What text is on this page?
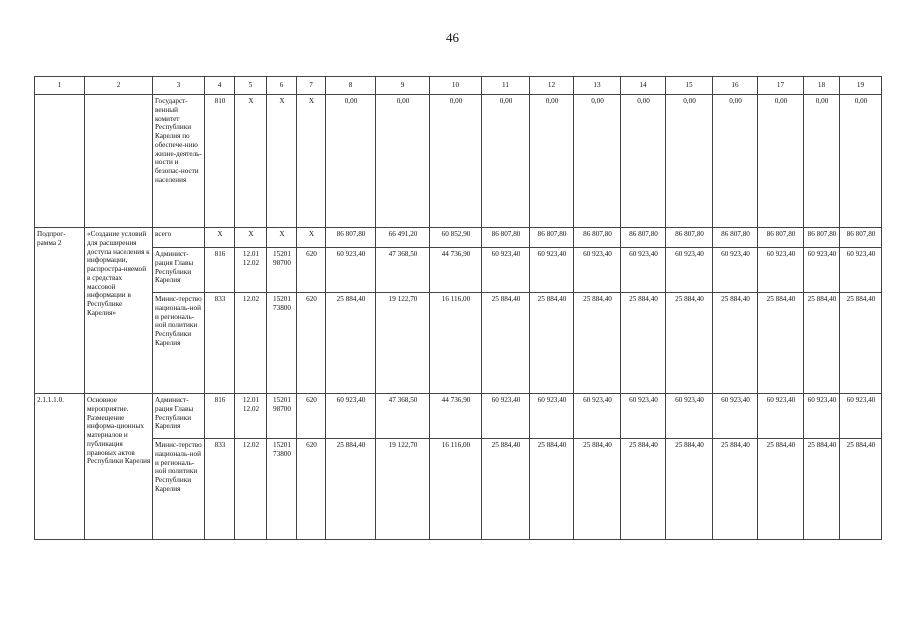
46
1	2	3	4	5	6	7	8	9	10	11	12	13	14	15	16	17	18	19
		Государст-венный комитет Республики Карелия по обеспече-нию жизне-деятель-ности и безопас-ности населения	810	Х	Х	Х	0,00	0,00	0,00	0,00	0,00	0,00	0,00	0,00	0,00	0,00	0,00	0,00
Подпрог-рамма 2	«Создание условий для расширения доступа населения к информации, распростра-няемой в средствах массовой информации в Республике Карелия»	всего	Х	Х	Х	Х	86 807,80	66 491,20	60 852,90	86 807,80	86 807,80	86 807,80	86 807,80	86 807,80	86 807,80	86 807,80	86 807,80	86 807,80
		Админист-рация Главы Республики Карелия	816	12.01 12.02	15201 98700	620	60 923,40	47 368,50	44 736,90	60 923,40	60 923,40	60 923,40	60 923,40	60 923,40	60 923,40	60 923,40	60 923,40	60 923,40
		Минис-терство националь-ной и региональ-ной политики Республики Карелия	833	12.02	15201 73800	620	25 884,40	19 122,70	16 116,00	25 884,40	25 884,40	25 884,40	25 884,40	25 884,40	25 884,40	25 884,40	25 884,40	25 884,40
2.1.1.1.0.	Основное мероприятие. Размещение информа-ционных материалов и публикация правовых актов Республики Карелия	Админист-рация Главы Республики Карелия	816	12.01 12.02	15201 98700	620	60 923,40	47 368,50	44 736,90	60 923,40	60 923,40	60 923,40	60 923,40	60 923,40	60 923,40	60 923,40	60 923,40	60 923,40
		Минис-терство националь-ной и региональ-ной политики Республики Карелия	833	12.02	15201 73800	620	25 884,40	19 122,70	16 116,00	25 884,40	25 884,40	25 884,40	25 884,40	25 884,40	25 884,40	25 884,40	25 884,40	25 884,40
